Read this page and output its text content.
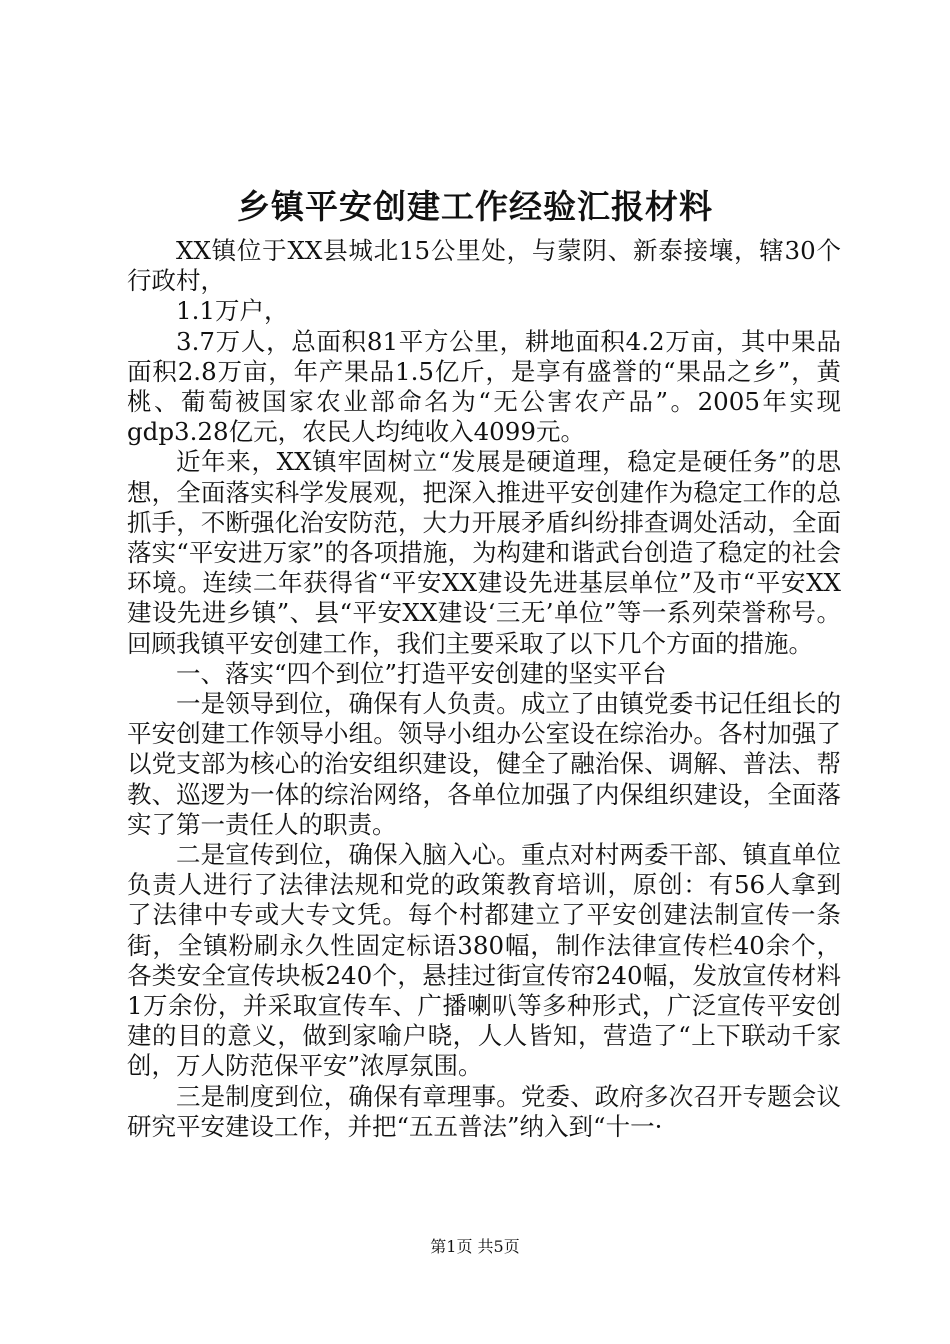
乡镇平安创建工作经验汇报材料

XX镇位于XX县城北15公里处，与蒙阴、新泰接壤，辖30个行政村，

1.1万户，

3.7万人，总面积81平方公里，耕地面积4.2万亩，其中果品面积2.8万亩，年产果品1.5亿斤，是享有盛誉的“果品之乡”，黄桃、葡萄被国家农业部命名为“无公害农产品”。2005年实现gdp3.28亿元，农民人均纯收入4099元。

近年来，XX镇牢固树立“发展是硬道理，稳定是硬任务”的思想，全面落实科学发展观，把深入推进平安创建作为稳定工作的总抓手，不断强化治安防范，大力开展矛盾纠纷排查调处活动，全面落实“平安进万家”的各项措施，为构建和谐武台创造了稳定的社会环境。连续二年获得省“平安XX建设先进基层单位”及市“平安XX建设先进乡镇”、县“平安XX建设‘三无’单位”等一系列荣誉称号。回顾我镇平安创建工作，我们主要采取了以下几个方面的措施。

一、落实“四个到位”打造平安创建的坚实平台

一是领导到位，确保有人负责。成立了由镇党委书记任组长的平安创建工作领导小组。领导小组办公室设在综治办。各村加强了以党支部为核心的治安组织建设，健全了融治保、调解、普法、帮教、巡逻为一体的综治网络，各单位加强了内保组织建设，全面落实了第一责任人的职责。

二是宣传到位，确保入脑入心。重点对村两委干部、镇直单位负责人进行了法律法规和党的政策教育培训，原创：有56人拿到了法律中专或大专文凭。每个村都建立了平安创建法制宣传一条街，全镇粉刷永久性固定标语380幅，制作法律宣传栏40余个，各类安全宣传块板240个，悬挂过街宣传帘240幅，发放宣传材料1万余份，并采取宣传车、广播喇叭等多种形式，广泛宣传平安创建的目的意义，做到家喻户晓，人人皆知，营造了“上下联动千家创，万人防范保平安”浓厚氛围。

三是制度到位，确保有章理事。党委、政府多次召开专题会议研究平安建设工作，并把“五五普法”纳入到“十一·

第1页 共5页
